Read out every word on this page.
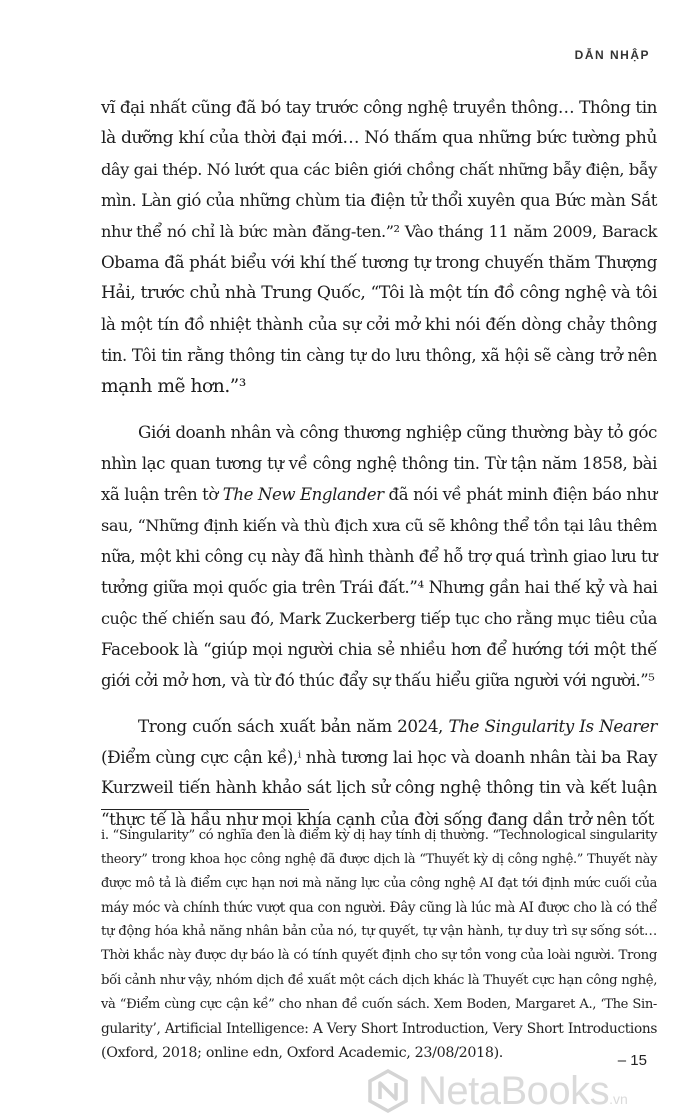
DẪN NHẬP
vĩ đại nhất cũng đã bó tay trước công nghệ truyền thông… Thông tin
là dưỡng khí của thời đại mới… Nó thấm qua những bức tường phủ
dây gai thép. Nó lướt qua các biên giới chồng chất những bẫy điện, bẫy
mìn. Làn gió của những chùm tia điện tử thổi xuyên qua Bức màn Sắt
như thể nó chỉ là bức màn đăng-ten.”² Vào tháng 11 năm 2009, Barack
Obama đã phát biểu với khí thế tương tự trong chuyến thăm Thượng
Hải, trước chủ nhà Trung Quốc, “Tôi là một tín đồ công nghệ và tôi
là một tín đồ nhiệt thành của sự cởi mở khi nói đến dòng chảy thông
tin. Tôi tin rằng thông tin càng tự do lưu thông, xã hội sẽ càng trở nên
mạnh mẽ hơn.”³
Giới doanh nhân và công thương nghiệp cũng thường bày tỏ góc
nhìn lạc quan tương tự về công nghệ thông tin. Từ tận năm 1858, bài
xã luận trên tờ The New Englander đã nói về phát minh điện báo như
sau, “Những định kiến và thù địch xưa cũ sẽ không thể tồn tại lâu thêm
nữa, một khi công cụ này đã hình thành để hỗ trợ quá trình giao lưu tư
tưởng giữa mọi quốc gia trên Trái đất.”⁴ Nhưng gần hai thế kỷ và hai
cuộc thế chiến sau đó, Mark Zuckerberg tiếp tục cho rằng mục tiêu của
Facebook là “giúp mọi người chia sẻ nhiều hơn để hướng tới một thế
giới cởi mở hơn, và từ đó thúc đẩy sự thấu hiểu giữa người với người.”⁵
Trong cuốn sách xuất bản năm 2024, The Singularity Is Nearer
(Điểm cùng cực cận kề),ⁱ nhà tương lai học và doanh nhân tài ba Ray
Kurzweil tiến hành khảo sát lịch sử công nghệ thông tin và kết luận
“thực tế là hầu như mọi khía cạnh của đời sống đang dần trở nên tốt
i. “Singularity” có nghĩa đen là điểm kỳ dị hay tính dị thường. “Technological singularity
theory” trong khoa học công nghệ đã được dịch là “Thuyết kỳ dị công nghệ.” Thuyết này
được mô tả là điểm cực hạn nơi mà năng lực của công nghệ AI đạt tới định mức cuối của
máy móc và chính thức vượt qua con người. Đây cũng là lúc mà AI được cho là có thể
tự động hóa khả năng nhân bản của nó, tự quyết, tự vận hành, tự duy trì sự sống sót…
Thời khắc này được dự báo là có tính quyết định cho sự tồn vong của loài người. Trong
bối cảnh như vậy, nhóm dịch đề xuất một cách dịch khác là Thuyết cực hạn công nghệ,
và “Điểm cùng cực cận kề” cho nhan đề cuốn sách. Xem Boden, Margaret A., ‘The Sin-
gularity’, Artificial Intelligence: A Very Short Introduction, Very Short Introductions
(Oxford, 2018; online edn, Oxford Academic, 23/08/2018).	– 15
NetaBooks.vn
